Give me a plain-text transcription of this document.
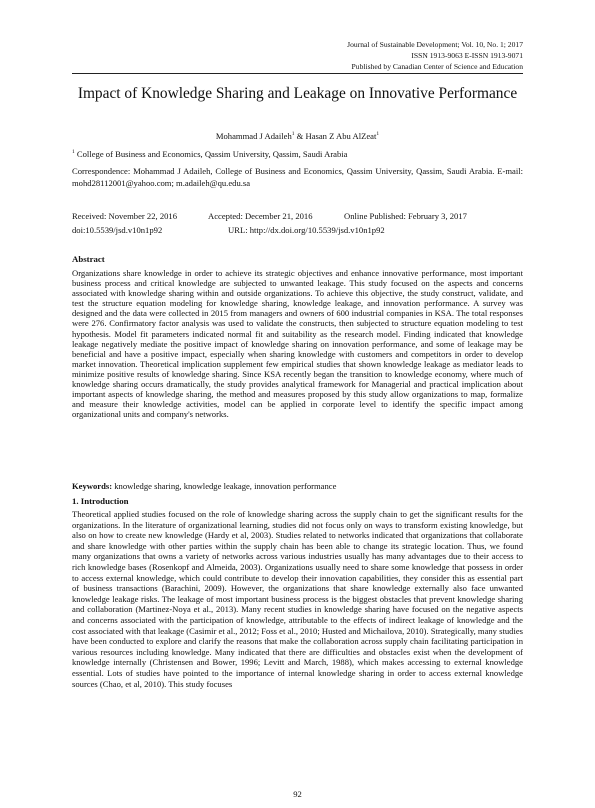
Journal of Sustainable Development; Vol. 10, No. 1; 2017
ISSN 1913-9063 E-ISSN 1913-9071
Published by Canadian Center of Science and Education
Impact of Knowledge Sharing and Leakage on Innovative Performance
Mohammad J Adaileh$^1$ & Hasan Z Abu AlZeat$^1$
$^1$ College of Business and Economics, Qassim University, Qassim, Saudi Arabia
Correspondence: Mohammad J Adaileh, College of Business and Economics, Qassim University, Qassim, Saudi Arabia. E-mail: mohd28112001@yahoo.com; m.adaileh@qu.edu.sa
Received: November 22, 2016	Accepted: December 21, 2016	Online Published: February 3, 2017
doi:10.5539/jsd.v10n1p92	URL: http://dx.doi.org/10.5539/jsd.v10n1p92
Abstract

Organizations share knowledge in order to achieve its strategic objectives and enhance innovative performance, most important business process and critical knowledge are subjected to unwanted leakage. This study focused on the aspects and concerns associated with knowledge sharing within and outside organizations. To achieve this objective, the study construct, validate, and test the structure equation modeling for knowledge sharing, knowledge leakage, and innovation performance. A survey was designed and the data were collected in 2015 from managers and owners of 600 industrial companies in KSA. The total responses were 276. Confirmatory factor analysis was used to validate the constructs, then subjected to structure equation modeling to test hypothesis. Model fit parameters indicated normal fit and suitability as the research model. Finding indicated that knowledge leakage negatively mediate the positive impact of knowledge sharing on innovation performance, and some of leakage may be beneficial and have a positive impact, especially when sharing knowledge with customers and competitors in order to develop market innovation. Theoretical implication supplement few empirical studies that shown knowledge leakage as mediator leads to minimize positive results of knowledge sharing. Since KSA recently began the transition to knowledge economy, where much of knowledge sharing occurs dramatically, the study provides analytical framework for Managerial and practical implication about important aspects of knowledge sharing, the method and measures proposed by this study allow organizations to map, formalize and measure their knowledge activities, model can be applied in corporate level to identify the specific impact among organizational units and company's networks.

Keywords: knowledge sharing, knowledge leakage, innovation performance
1. Introduction

Theoretical applied studies focused on the role of knowledge sharing across the supply chain to get the significant results for the organizations. In the literature of organizational learning, studies did not focus only on ways to transform existing knowledge, but also on how to create new knowledge (Hardy et al, 2003). Studies related to networks indicated that organizations that collaborate and share knowledge with other parties within the supply chain has been able to change its strategic location. Thus, we found many organizations that owns a variety of networks across various industries usually has many advantages due to their access to rich knowledge bases (Rosenkopf and Almeida, 2003). Organizations usually need to share some knowledge that possess in order to access external knowledge, which could contribute to develop their innovation capabilities, they consider this as essential part of business transactions (Barachini, 2009). However, the organizations that share knowledge externally also face unwanted knowledge leakage risks. The leakage of most important business process is the biggest obstacles that prevent knowledge sharing and collaboration (Martinez-Noya et al., 2013). Many recent studies in knowledge sharing have focused on the negative aspects and concerns associated with the participation of knowledge, attributable to the effects of indirect leakage of knowledge and the cost associated with that leakage (Casimir et al., 2012; Foss et al., 2010; Husted and Michailova, 2010). Strategically, many studies have been conducted to explore and clarify the reasons that make the collaboration across supply chain facilitating participation in various resources including knowledge. Many indicated that there are difficulties and obstacles exist when the development of knowledge internally (Christensen and Bower, 1996; Levitt and March, 1988), which makes accessing to external knowledge essential. Lots of studies have pointed to the importance of internal knowledge sharing in order to access external knowledge sources (Chao, et al, 2010). This study focuses

92
